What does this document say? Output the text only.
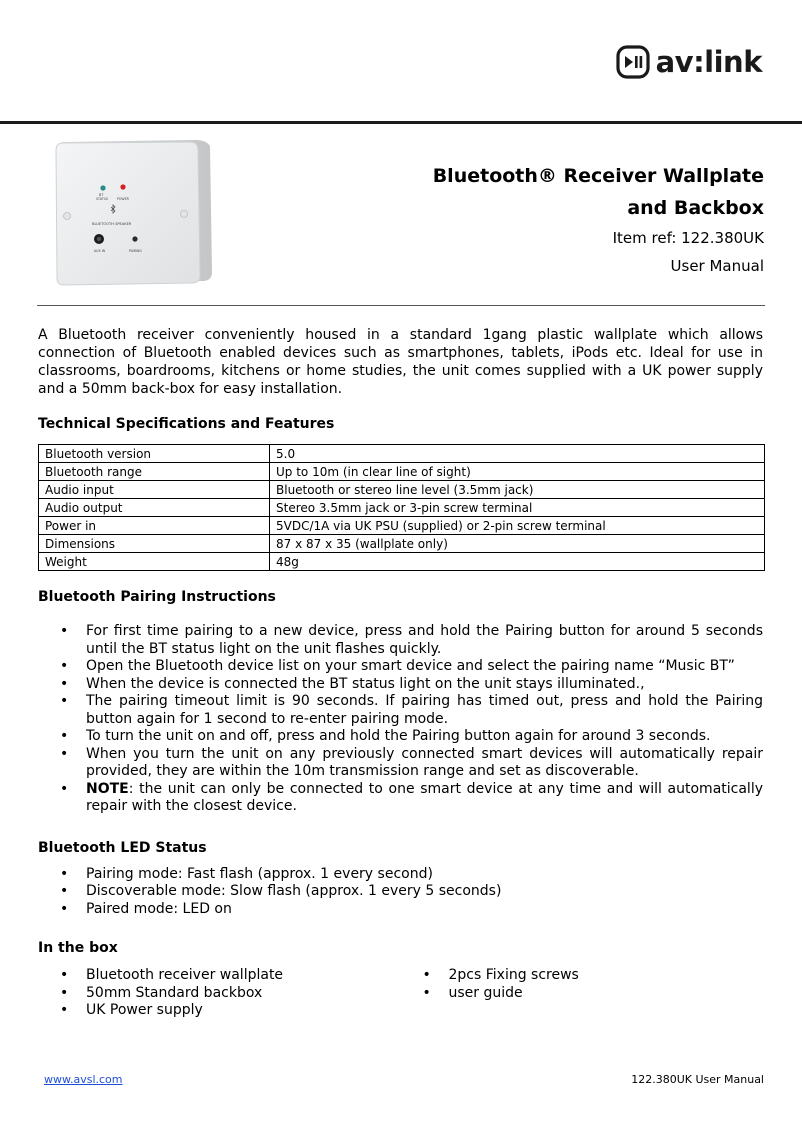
av:link
BT
STATUS	POWER
BLUETOOTH SPEAKER
AUX IN	PAIRING
Bluetooth® Receiver Wallplate
and Backbox
Item ref: 122.380UK
User Manual

A Bluetooth receiver conveniently housed in a standard 1gang plastic wallplate which allows connection of Bluetooth enabled devices such as smartphones, tablets, iPods etc. Ideal for use in classrooms, boardrooms, kitchens or home studies, the unit comes supplied with a UK power supply and a 50mm back-box for easy installation.

Technical Specifications and Features
Bluetooth version	5.0
Bluetooth range	Up to 10m (in clear line of sight)
Audio input	Bluetooth or stereo line level (3.5mm jack)
Audio output	Stereo 3.5mm jack or 3-pin screw terminal
Power in	5VDC/1A via UK PSU (supplied) or 2-pin screw terminal
Dimensions	87 x 87 x 35 (wallplate only)
Weight	48g
Bluetooth Pairing Instructions
• For first time pairing to a new device, press and hold the Pairing button for around 5 seconds until the BT status light on the unit flashes quickly.
• Open the Bluetooth device list on your smart device and select the pairing name “Music BT”
• When the device is connected the BT status light on the unit stays illuminated.,
• The pairing timeout limit is 90 seconds. If pairing has timed out, press and hold the Pairing button again for 1 second to re-enter pairing mode.
• To turn the unit on and off, press and hold the Pairing button again for around 3 seconds.
• When you turn the unit on any previously connected smart devices will automatically repair provided, they are within the 10m transmission range and set as discoverable.
• NOTE: the unit can only be connected to one smart device at any time and will automatically repair with the closest device.
Bluetooth LED Status
• Pairing mode: Fast flash (approx. 1 every second)
• Discoverable mode: Slow flash (approx. 1 every 5 seconds)
• Paired mode: LED on
In the box
• Bluetooth receiver wallplate
• 50mm Standard backbox
• UK Power supply
• 2pcs Fixing screws
• user guide
www.avsl.com	122.380UK User Manual
